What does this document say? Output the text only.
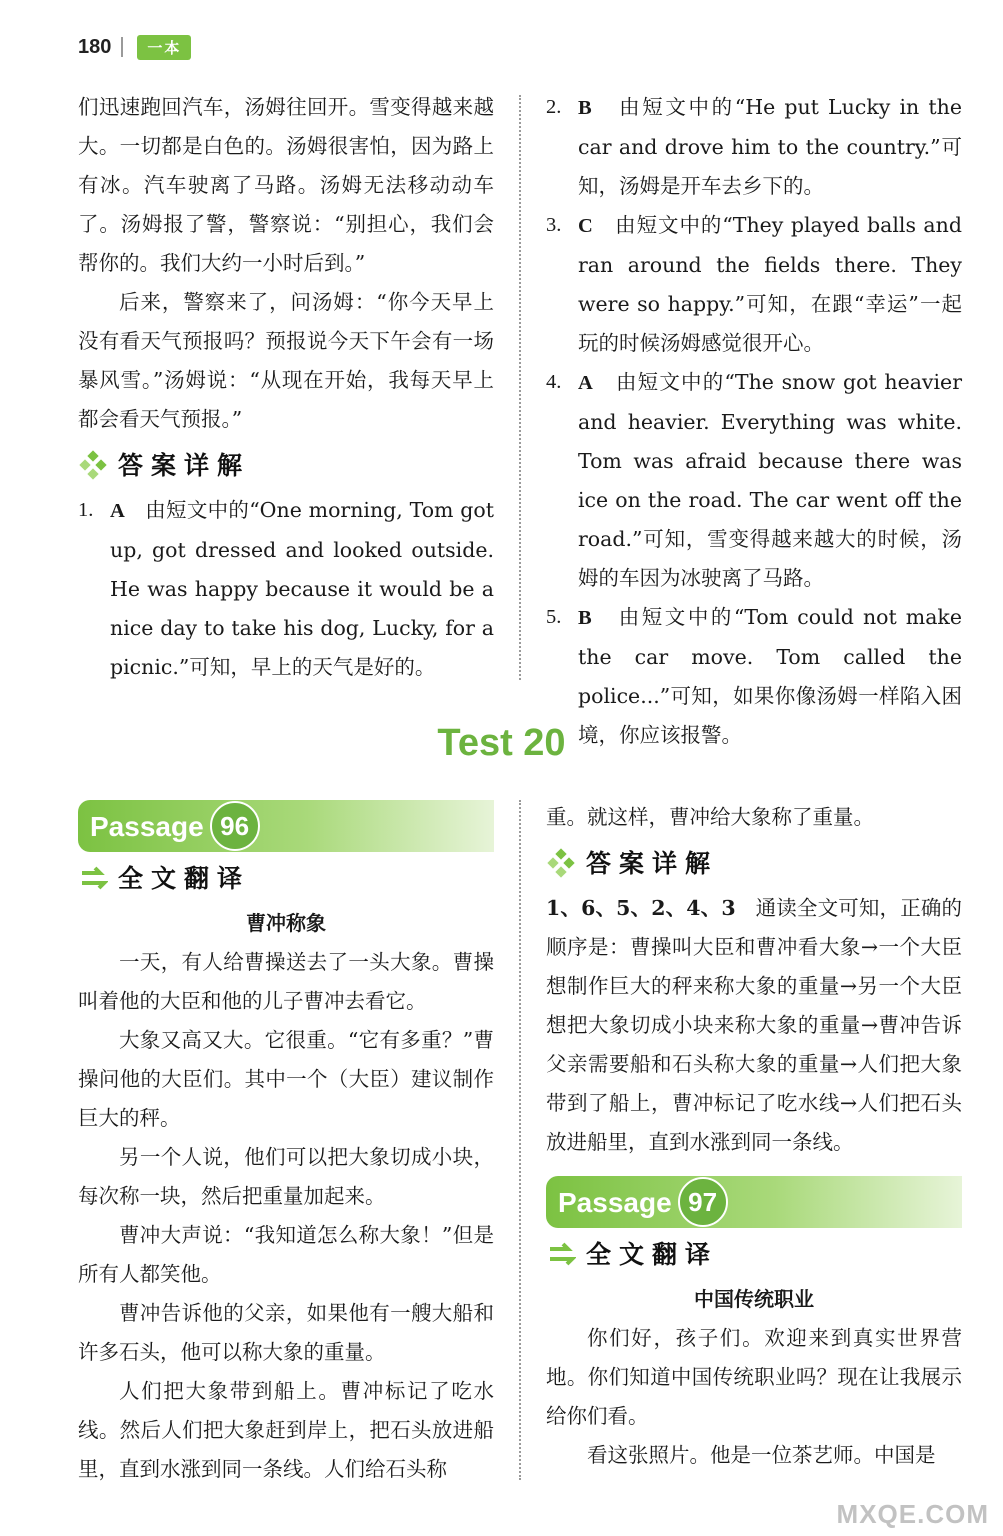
180	一本

们迅速跑回汽车，汤姆往回开。雪变得越来越大。一切都是白色的。汤姆很害怕，因为路上有冰。汽车驶离了马路。汤姆无法移动动车了。汤姆报了警，警察说：“别担心，我们会帮你的。我们大约一小时后到。”

后来，警察来了，问汤姆：“你今天早上没有看天气预报吗？预报说今天下午会有一场暴风雪。”汤姆说：“从现在开始，我每天早上都会看天气预报。”

答案详解
1. A 由短文中的“One morning, Tom got up, got dressed and looked outside. He was happy because it would be a nice day to take his dog, Lucky, for a picnic.”可知，早上的天气是好的。
2. B 由短文中的“He put Lucky in the car and drove him to the country.”可知，汤姆是开车去乡下的。
3. C 由短文中的“They played balls and ran around the fields there. They were so happy.”可知，在跟“幸运”一起玩的时候汤姆感觉很开心。
4. A 由短文中的“The snow got heavier and heavier. Everything was white. Tom was afraid because there was ice on the road. The car went off the road.”可知，雪变得越来越大的时候，汤姆的车因为冰驶离了马路。
5. B 由短文中的“Tom could not make the car move. Tom called the police...”可知，如果你像汤姆一样陷入困境，你应该报警。
Test 20
Passage 96
全文翻译
曹冲称象

一天，有人给曹操送去了一头大象。曹操叫着他的大臣和他的儿子曹冲去看它。

大象又高又大。它很重。“它有多重？”曹操问他的大臣们。其中一个（大臣）建议制作巨大的秤。

另一个人说，他们可以把大象切成小块，每次称一块，然后把重量加起来。

曹冲大声说：“我知道怎么称大象！”但是所有人都笑他。

曹冲告诉他的父亲，如果他有一艘大船和许多石头，他可以称大象的重量。

人们把大象带到船上。曹冲标记了吃水线。然后人们把大象赶到岸上，把石头放进船里，直到水涨到同一条线。人们给石头称

重。就这样，曹冲给大象称了重量。

答案详解

1、6、5、2、4、3 通读全文可知，正确的顺序是：曹操叫大臣和曹冲看大象→一个大臣想制作巨大的秤来称大象的重量→另一个大臣想把大象切成小块来称大象的重量→曹冲告诉父亲需要船和石头称大象的重量→人们把大象带到了船上，曹冲标记了吃水线→人们把石头放进船里，直到水涨到同一条线。

Passage 97
全文翻译
中国传统职业

你们好，孩子们。欢迎来到真实世界营地。你们知道中国传统职业吗？现在让我展示给你们看。

看这张照片。他是一位茶艺师。中国是

MXQE.COM
